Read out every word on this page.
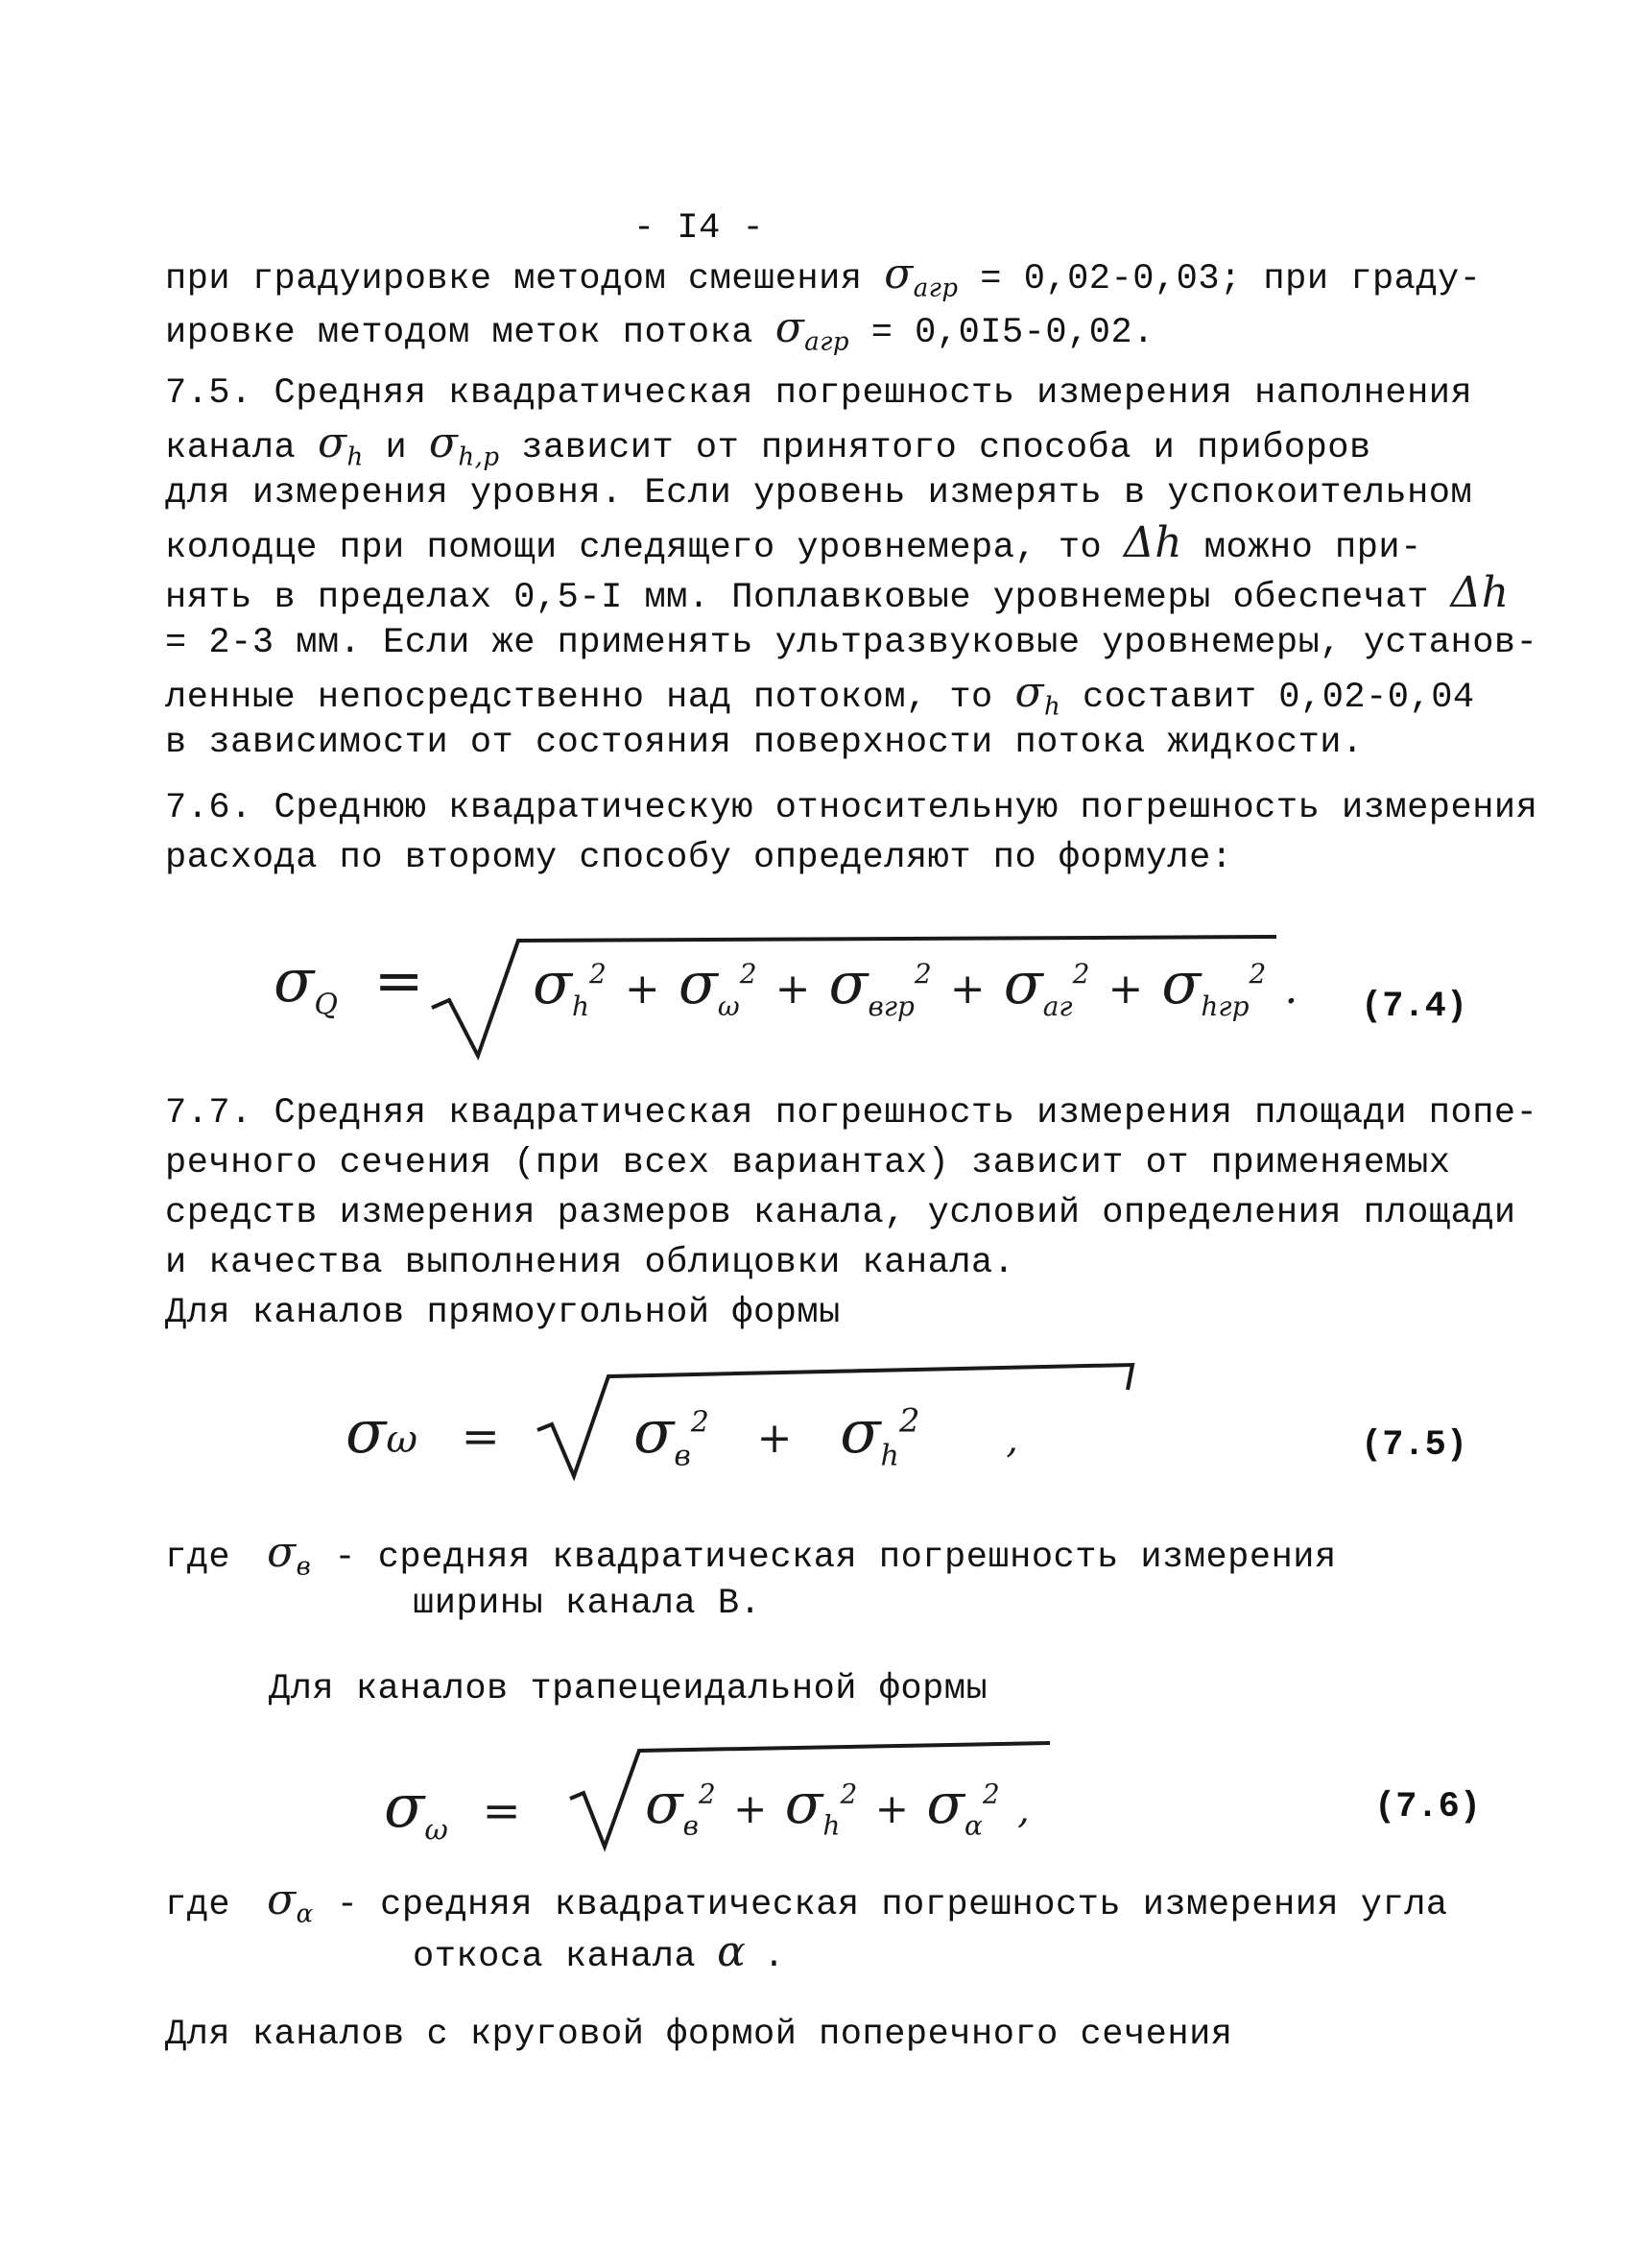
- I4 -
при градуировке методом смешения $\sigma_{aгр} = 0,02-0,03$; при граду-
ировке методом меток потока $\sigma_{aгр} = 0,0I5-0,02$.
7.5. Средняя квадратическая погрешность измерения наполнения
канала $\sigma_h$ и $\sigma_{h,р}$ зависит от принятого способа и приборов
для измерения уровня. Если уровень измерять в успокоительном
колодце при помощи следящего уровнемера, то Δh можно при-
нять в пределах 0,5-I мм. Поплавковые уровнемеры обеспечат Δh
= 2-3 мм. Если же применять ультразвуковые уровнемеры, установ-
ленные непосредственно над потоком, то $\sigma_h$ составит 0,02-0,04
в зависимости от состояния поверхности потока жидкости.
7.6. Среднюю квадратическую относительную погрешность измерения
расхода по второму способу определяют по формуле:
$\sigma_Q$ =	$\sigma_h^2 + \sigma_\omega^2 + \sigma_{вгр}^2 + \sigma_{aг}^2 + \sigma_{hгр}^2$ . (7.4)
7.7. Средняя квадратическая погрешность измерения площади попе-
речного сечения (при всех вариантах) зависит от применяемых
средств измерения размеров канала, условий определения площади
и качества выполнения облицовки канала.
Для каналов прямоугольной формы
σω =	$\sigma_в^2 + \sigma_h^2$ ,	(7.5)
где $\sigma_в$ - средняя квадратическая погрешность измерения
ширины канала В.
Для каналов трапецеидальной формы
$\sigma_\omega = \sigma_в^2 + \sigma_h^2 + \sigma_\alpha^2$ ,	(7.6)
где $\sigma_\alpha$ - средняя квадратическая погрешность измерения угла
откоса канала α .
Для каналов с круговой формой поперечного сечения
